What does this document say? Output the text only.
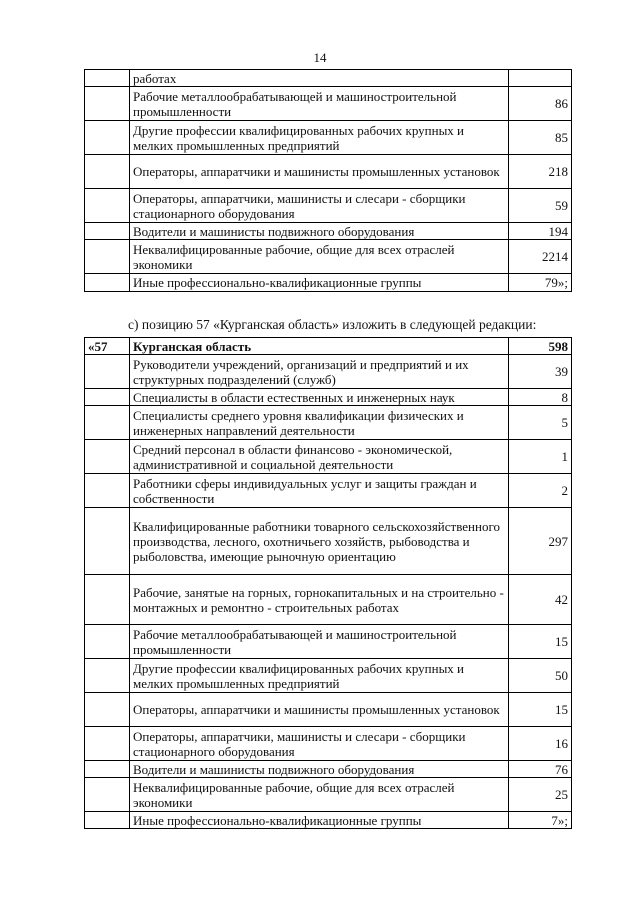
14
	работах	
	Рабочие металлообрабатывающей и машиностроительной промышленности	86
	Другие профессии квалифицированных рабочих крупных и мелких промышленных предприятий	85
	Операторы, аппаратчики и машинисты промышленных установок	218
	Операторы, аппаратчики, машинисты и слесари - сборщики стационарного оборудования	59
	Водители и машинисты подвижного оборудования	194
	Неквалифицированные рабочие, общие для всех отраслей экономики	2214
	Иные профессионально-квалификационные группы	79»;
с) позицию 57 «Курганская область» изложить в следующей редакции:
«57	Курганская область	598
	Руководители учреждений, организаций и предприятий и их структурных подразделений (служб)	39
	Специалисты в области естественных и инженерных наук	8
	Специалисты среднего уровня квалификации физических и инженерных направлений деятельности	5
	Средний персонал в области финансово - экономической, административной и социальной деятельности	1
	Работники сферы индивидуальных услуг и защиты граждан и собственности	2
	Квалифицированные работники товарного сельскохозяйственного производства, лесного, охотничьего хозяйств, рыбоводства и рыболовства, имеющие рыночную ориентацию	297
	Рабочие, занятые на горных, горнокапитальных и на строительно - монтажных и ремонтно - строительных работах	42
	Рабочие металлообрабатывающей и машиностроительной промышленности	15
	Другие профессии квалифицированных рабочих крупных и мелких промышленных предприятий	50
	Операторы, аппаратчики и машинисты промышленных установок	15
	Операторы, аппаратчики, машинисты и слесари - сборщики стационарного оборудования	16
	Водители и машинисты подвижного оборудования	76
	Неквалифицированные рабочие, общие для всех отраслей экономики	25
	Иные профессионально-квалификационные группы	7»;
